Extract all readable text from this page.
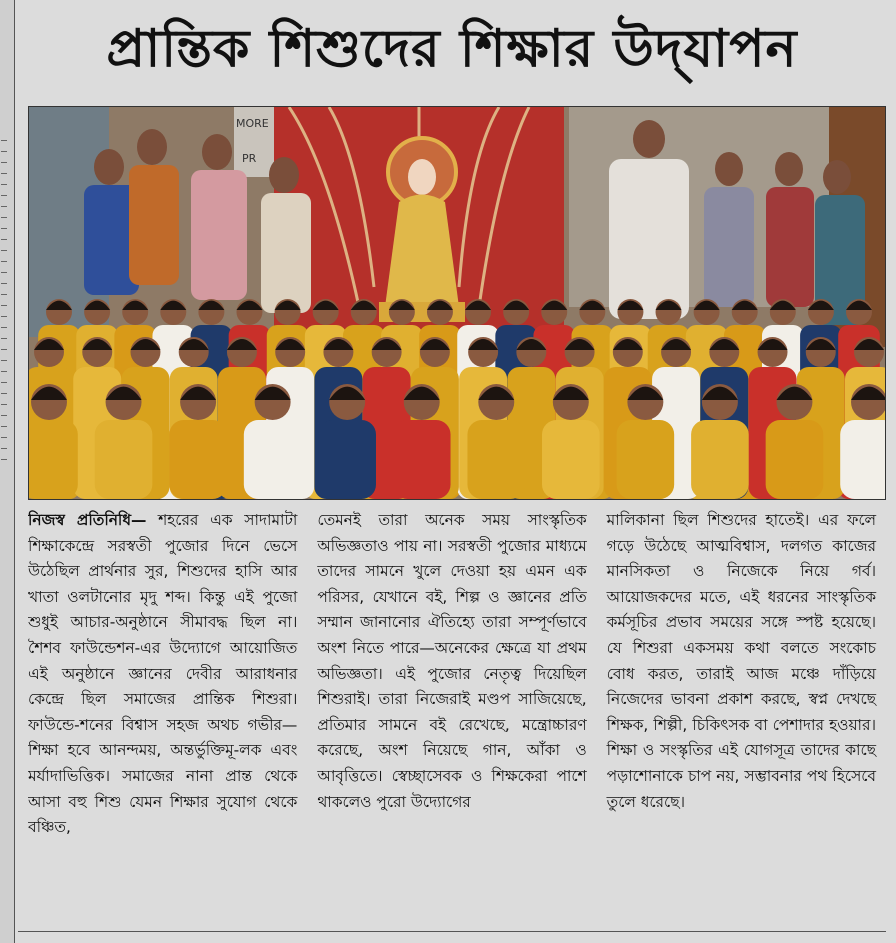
প্রান্তিক শিশুদের শিক্ষার উদ্‌যাপন
MORE
PR
নিজস্ব প্রতিনিধি— শহরের এক সাদামাটা শিক্ষাকেন্দ্রে সরস্বতী পুজোর দিনে ভেসে উঠেছিল প্রার্থনার সুর, শিশুদের হাসি আর খাতা ওলটানোর মৃদু শব্দ। কিন্তু এই পুজো শুধুই আচার-অনুষ্ঠানে সীমাবদ্ধ ছিল না। শৈশব ফাউন্ডেশন-এর উদ্যোগে আয়োজিত এই অনুষ্ঠানে জ্ঞানের দেবীর আরাধনার কেন্দ্রে ছিল সমাজের প্রান্তিক শিশুরা। ফাউন্ডে-শনের বিশ্বাস সহজ অথচ গভীর—শিক্ষা হবে আনন্দময়, অন্তর্ভুক্তিমূ-লক এবং মর্যাদাভিত্তিক। সমাজের নানা প্রান্ত থেকে আসা বহু শিশু যেমন শিক্ষার সুযোগ থেকে বঞ্চিত,
তেমনই তারা অনেক সময় সাংস্কৃতিক অভিজ্ঞতাও পায় না। সরস্বতী পুজোর মাধ্যমে তাদের সামনে খুলে দেওয়া হয় এমন এক পরিসর, যেখানে বই, শিল্প ও জ্ঞানের প্রতি সম্মান জানানোর ঐতিহ্যে তারা সম্পূর্ণভাবে অংশ নিতে পারে—অনেকের ক্ষেত্রে যা প্রথম অভিজ্ঞতা। এই পুজোর নেতৃত্ব দিয়েছিল শিশুরাই। তারা নিজেরাই মণ্ডপ সাজিয়েছে, প্রতিমার সামনে বই রেখেছে, মন্ত্রোচ্চারণ করেছে, অংশ নিয়েছে গান, আঁকা ও আবৃত্তিতে। স্বেচ্ছাসেবক ও শিক্ষকেরা পাশে থাকলেও পুরো উদ্যোগের
মালিকানা ছিল শিশুদের হাতেই। এর ফলে গড়ে উঠেছে আত্মবিশ্বাস, দলগত কাজের মানসিকতা ও নিজেকে নিয়ে গর্ব। আয়োজকদের মতে, এই ধরনের সাংস্কৃতিক কর্মসূচির প্রভাব সময়ের সঙ্গে স্পষ্ট হয়েছে। যে শিশুরা একসময় কথা বলতে সংকোচ বোধ করত, তারাই আজ মঞ্চে দাঁড়িয়ে নিজেদের ভাবনা প্রকাশ করছে, স্বপ্ন দেখছে শিক্ষক, শিল্পী, চিকিৎসক বা পেশাদার হওয়ার। শিক্ষা ও সংস্কৃতির এই যোগসূত্র তাদের কাছে পড়াশোনাকে চাপ নয়, সম্ভাবনার পথ হিসেবে তুলে ধরেছে।
